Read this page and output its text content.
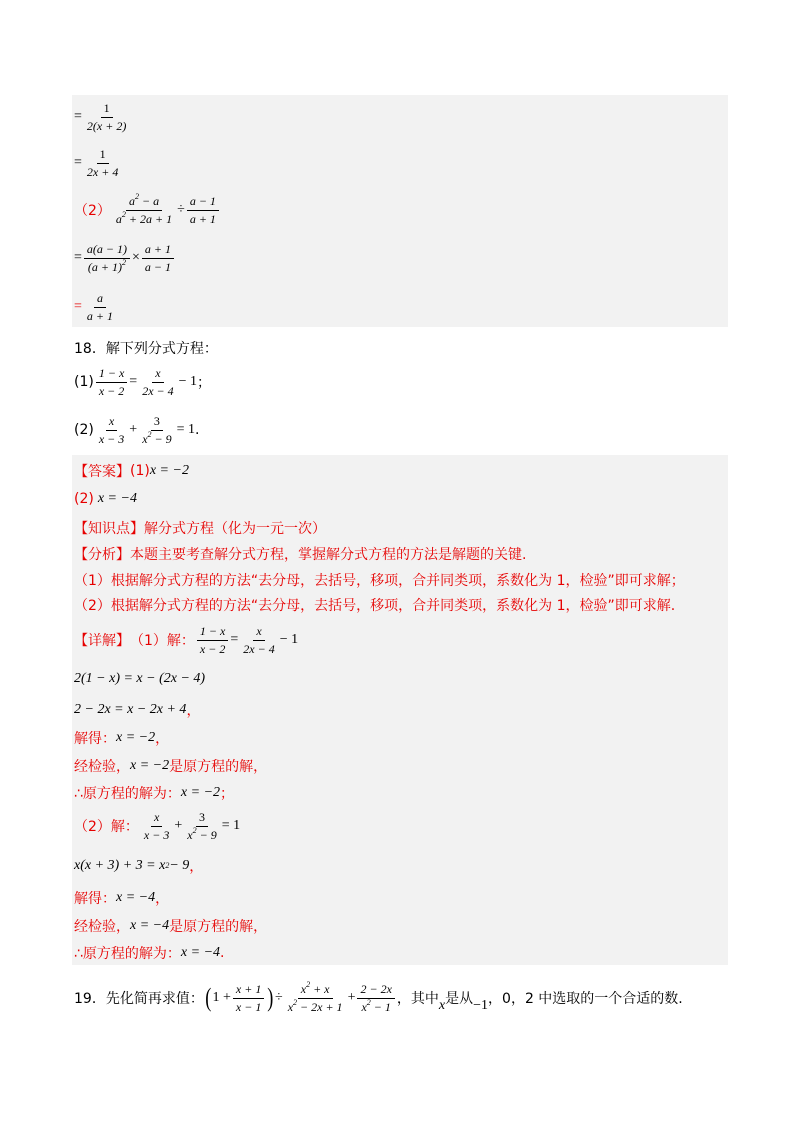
= $\frac{1}{2(x + 2)}$
= $\frac{1}{2x + 4}$
$(2) \frac{a^2 - a}{a^2 + 2a + 1} \div \frac{a - 1}{a + 1}$
= $\frac{a(a - 1)}{(a + 1)^2} \times \frac{a + 1}{a - 1}$
= $\frac{a}{a + 1}$
18．解下列分式方程：
$(1) \frac{1 - x}{x - 2} = \frac{x}{2x - 4} - 1$ ；
$(2) \frac{x}{x - 3} + \frac{3}{x^2 - 9} = 1$ .
【答案】 (1) x = −2
(2) x = −4
【知识点】 解分式方程（化为一元一次）
【分析】 本题主要考查解分式方程，掌握解分式方程的方法是解题的关键.
（1）根据解分式方程的方法“去分母，去括号，移项，合并同类项，系数化为 1，检验”即可求解；
（2）根据解分式方程的方法“去分母，去括号，移项，合并同类项，系数化为 1，检验”即可求解.
【详解】 （1）解： $\frac{1 - x}{x - 2} = \frac{x}{2x - 4} - 1$
2(1 − x) = x − (2x − 4)
2 − 2x = x − 2x + 4 ，
解得： x = −2 ，
经检验， x = −2 是原方程的解，
∴原方程的解为： x = −2 ；
（2）解： $\frac{x}{x - 3} + \frac{3}{x^2 - 9} = 1$
x(x + 3) + 3 = x 2 − 9 ，
解得： x = −4 ，
经检验， x = −4 是原方程的解，
∴原方程的解为： x = −4 .
19．先化简再求值： ( $1 + \frac{x + 1}{x - 1}$ ) ÷ $\frac{x^2 + x}{x^2 - 2x + 1} + \frac{2 - 2x}{x^2 - 1}$ ，其中 x 是从 −1 ，0，2 中选取的一个合适的数.
